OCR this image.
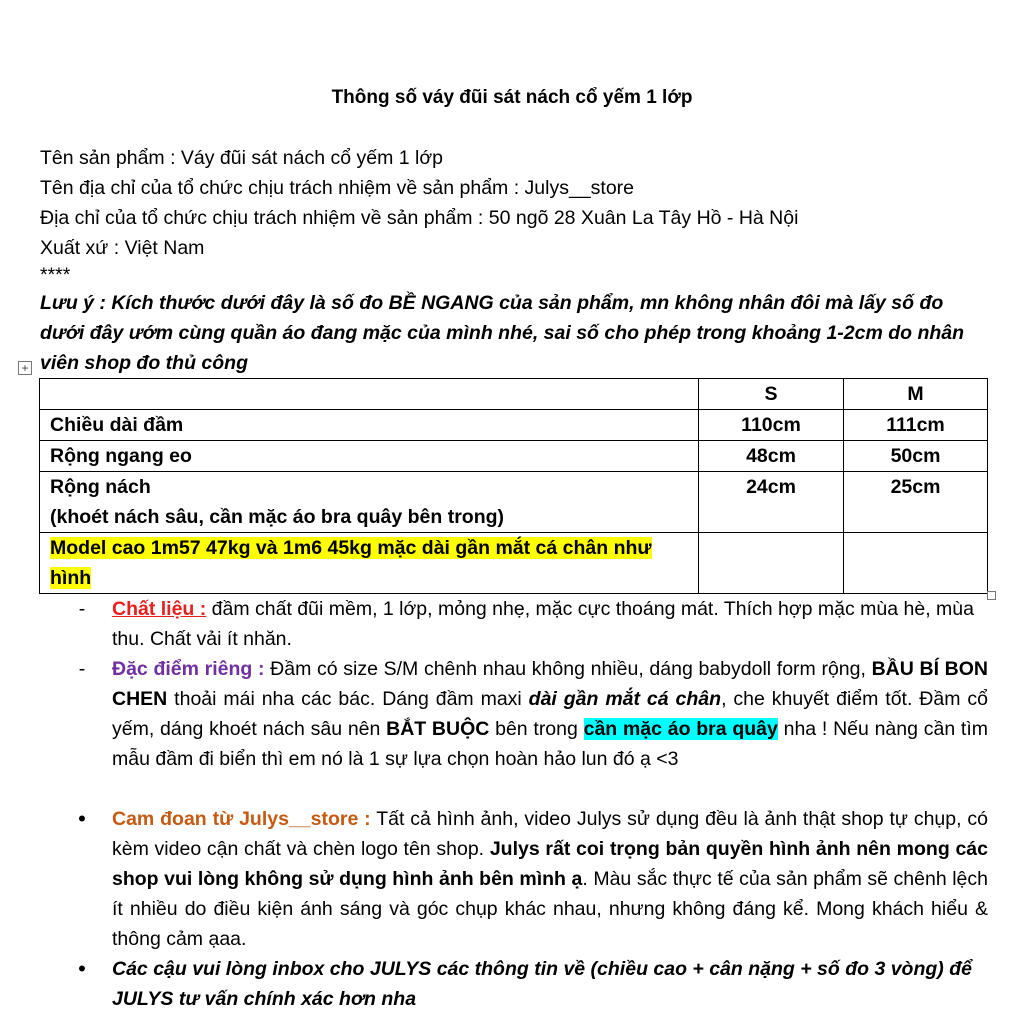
Thông số váy đũi sát nách cổ yếm 1 lớp
Tên sản phẩm : Váy đũi sát nách cổ yếm 1 lớp
Tên địa chỉ của tổ chức chịu trách nhiệm về sản phẩm : Julys__store
Địa chỉ của tổ chức chịu trách nhiệm về sản phẩm : 50 ngõ 28 Xuân La Tây Hồ - Hà Nội
Xuất xứ : Việt Nam
****
Lưu ý : Kích thước dưới đây là số đo BỀ NGANG của sản phẩm, mn không nhân đôi mà lấy số đo dưới đây ướm cùng quần áo đang mặc của mình nhé, sai số cho phép trong khoảng 1-2cm do nhân viên shop đo thủ công
+
	S	M
Chiều dài đầm	110cm	111cm
Rộng ngang eo	48cm	50cm

Rộng nách
(khoét nách sâu, cần mặc áo bra quây bên trong)	24cm	25cm
Model cao 1m57 47kg và 1m6 45kg mặc dài gần mắt cá chân như hình		
-	Chất liệu : đầm chất đũi mềm, 1 lớp, mỏng nhẹ, mặc cực thoáng mát. Thích hợp mặc mùa hè, mùa thu. Chất vải ít nhăn.
-	Đặc điểm riêng : Đầm có size S/M chênh nhau không nhiều, dáng babydoll form rộng, BẦU BÍ BON CHEN thoải mái nha các bác. Dáng đầm maxi dài gần mắt cá chân, che khuyết điểm tốt. Đầm cổ yếm, dáng khoét nách sâu nên BẮT BUỘC bên trong cần mặc áo bra quây nha ! Nếu nàng cần tìm mẫu đầm đi biển thì em nó là 1 sự lựa chọn hoàn hảo lun đó ạ <3
•	Cam đoan từ Julys__store : Tất cả hình ảnh, video Julys sử dụng đều là ảnh thật shop tự chụp, có kèm video cận chất và chèn logo tên shop. Julys rất coi trọng bản quyền hình ảnh nên mong các shop vui lòng không sử dụng hình ảnh bên mình ạ. Màu sắc thực tế của sản phẩm sẽ chênh lệch ít nhiều do điều kiện ánh sáng và góc chụp khác nhau, nhưng không đáng kể. Mong khách hiểu & thông cảm ạaa.
•	Các cậu vui lòng inbox cho JULYS các thông tin về (chiều cao + cân nặng + số đo 3 vòng) để JULYS tư vấn chính xác hơn nha
